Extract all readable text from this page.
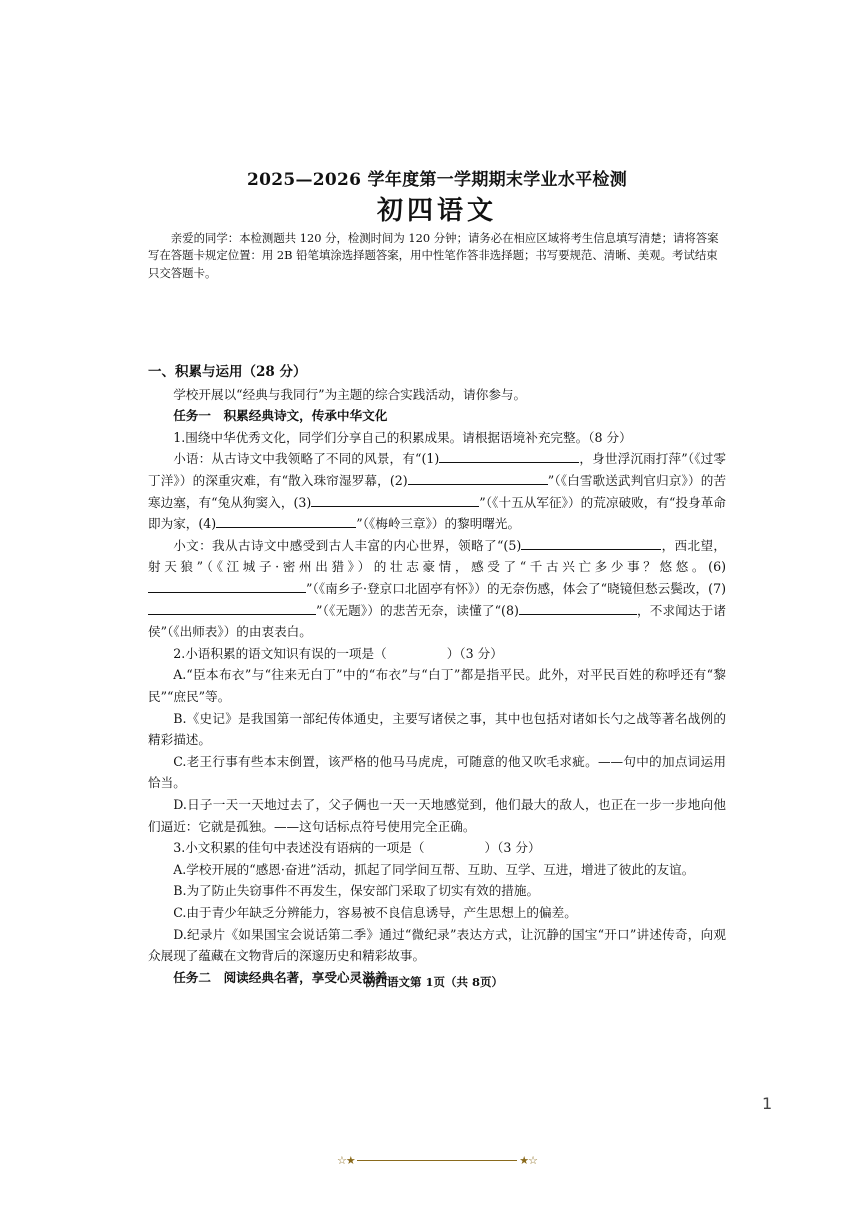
2025—2026 学年度第一学期期末学业水平检测
初四语文
亲爱的同学：本检测题共 120 分，检测时间为 120 分钟；请务必在相应区域将考生信息填写清楚；请将答案写在答题卡规定位置：用 2B 铅笔填涂选择题答案，用中性笔作答非选择题；书写要规范、清晰、美观。考试结束只交答题卡。

一、积累与运用（28 分）

学校开展以“经典与我同行”为主题的综合实践活动，请你参与。

任务一　积累经典诗文，传承中华文化

1.围绕中华优秀文化，同学们分享自己的积累成果。请根据语境补充完整。（8 分）

小语：从古诗文中我领略了不同的风景，有“(1)	，身世浮沉雨打萍”（《过零丁洋》）的深重灾难，有“散入珠帘湿罗幕，(2)	”（《白雪歌送武判官归京》）的苦寒边塞，有“兔从狗窦入，(3)	”（《十五从军征》）的荒凉破败，有“投身革命即为家，(4)	”（《梅岭三章》）的黎明曙光。

小文：我从古诗文中感受到古人丰富的内心世界，领略了“(5)	，西北望，射天狼”（《江城子·密州出猎》）的壮志豪情，感受了“千古兴亡多少事？悠悠。(6)”（《南乡子·登京口北固亭有怀》）的无奈伤感，体会了“晓镜但愁云鬓改，(7)”（《无题》）的悲苦无奈，读懂了“(8)	，不求闻达于诸侯”（《出师表》）的由衷表白。

2.小语积累的语文知识有误的一项是（	）（3 分）

A.“臣本布衣”与“往来无白丁”中的“布衣”与“白丁”都是指平民。此外，对平民百姓的称呼还有“黎民”“庶民”等。

B.《史记》是我国第一部纪传体通史，主要写诸侯之事，其中也包括对诸如长勺之战等著名战例的精彩描述。

C.老王行事有些本末倒置，该严格的他马马虎虎，可随意的他又吹毛求疵。——句中的加点词运用恰当。

D.日子一天一天地过去了，父子俩也一天一天地感觉到，他们最大的敌人，也正在一步一步地向他们逼近：它就是孤独。——这句话标点符号使用完全正确。

3.小文积累的佳句中表述没有语病的一项是（	）（3 分）

A.学校开展的“感恩·奋进”活动，抓起了同学间互帮、互助、互学、互进，增进了彼此的友谊。

B.为了防止失窃事件不再发生，保安部门采取了切实有效的措施。

C.由于青少年缺乏分辨能力，容易被不良信息诱导，产生思想上的偏差。

D.纪录片《如果国宝会说话第二季》通过“微纪录”表达方式，让沉静的国宝“开口”讲述传奇，向观众展现了蕴藏在文物背后的深邃历史和精彩故事。

任务二　阅读经典名著，享受心灵滋养

初四语文第 1页（共 8页）
1
☆★	★☆
